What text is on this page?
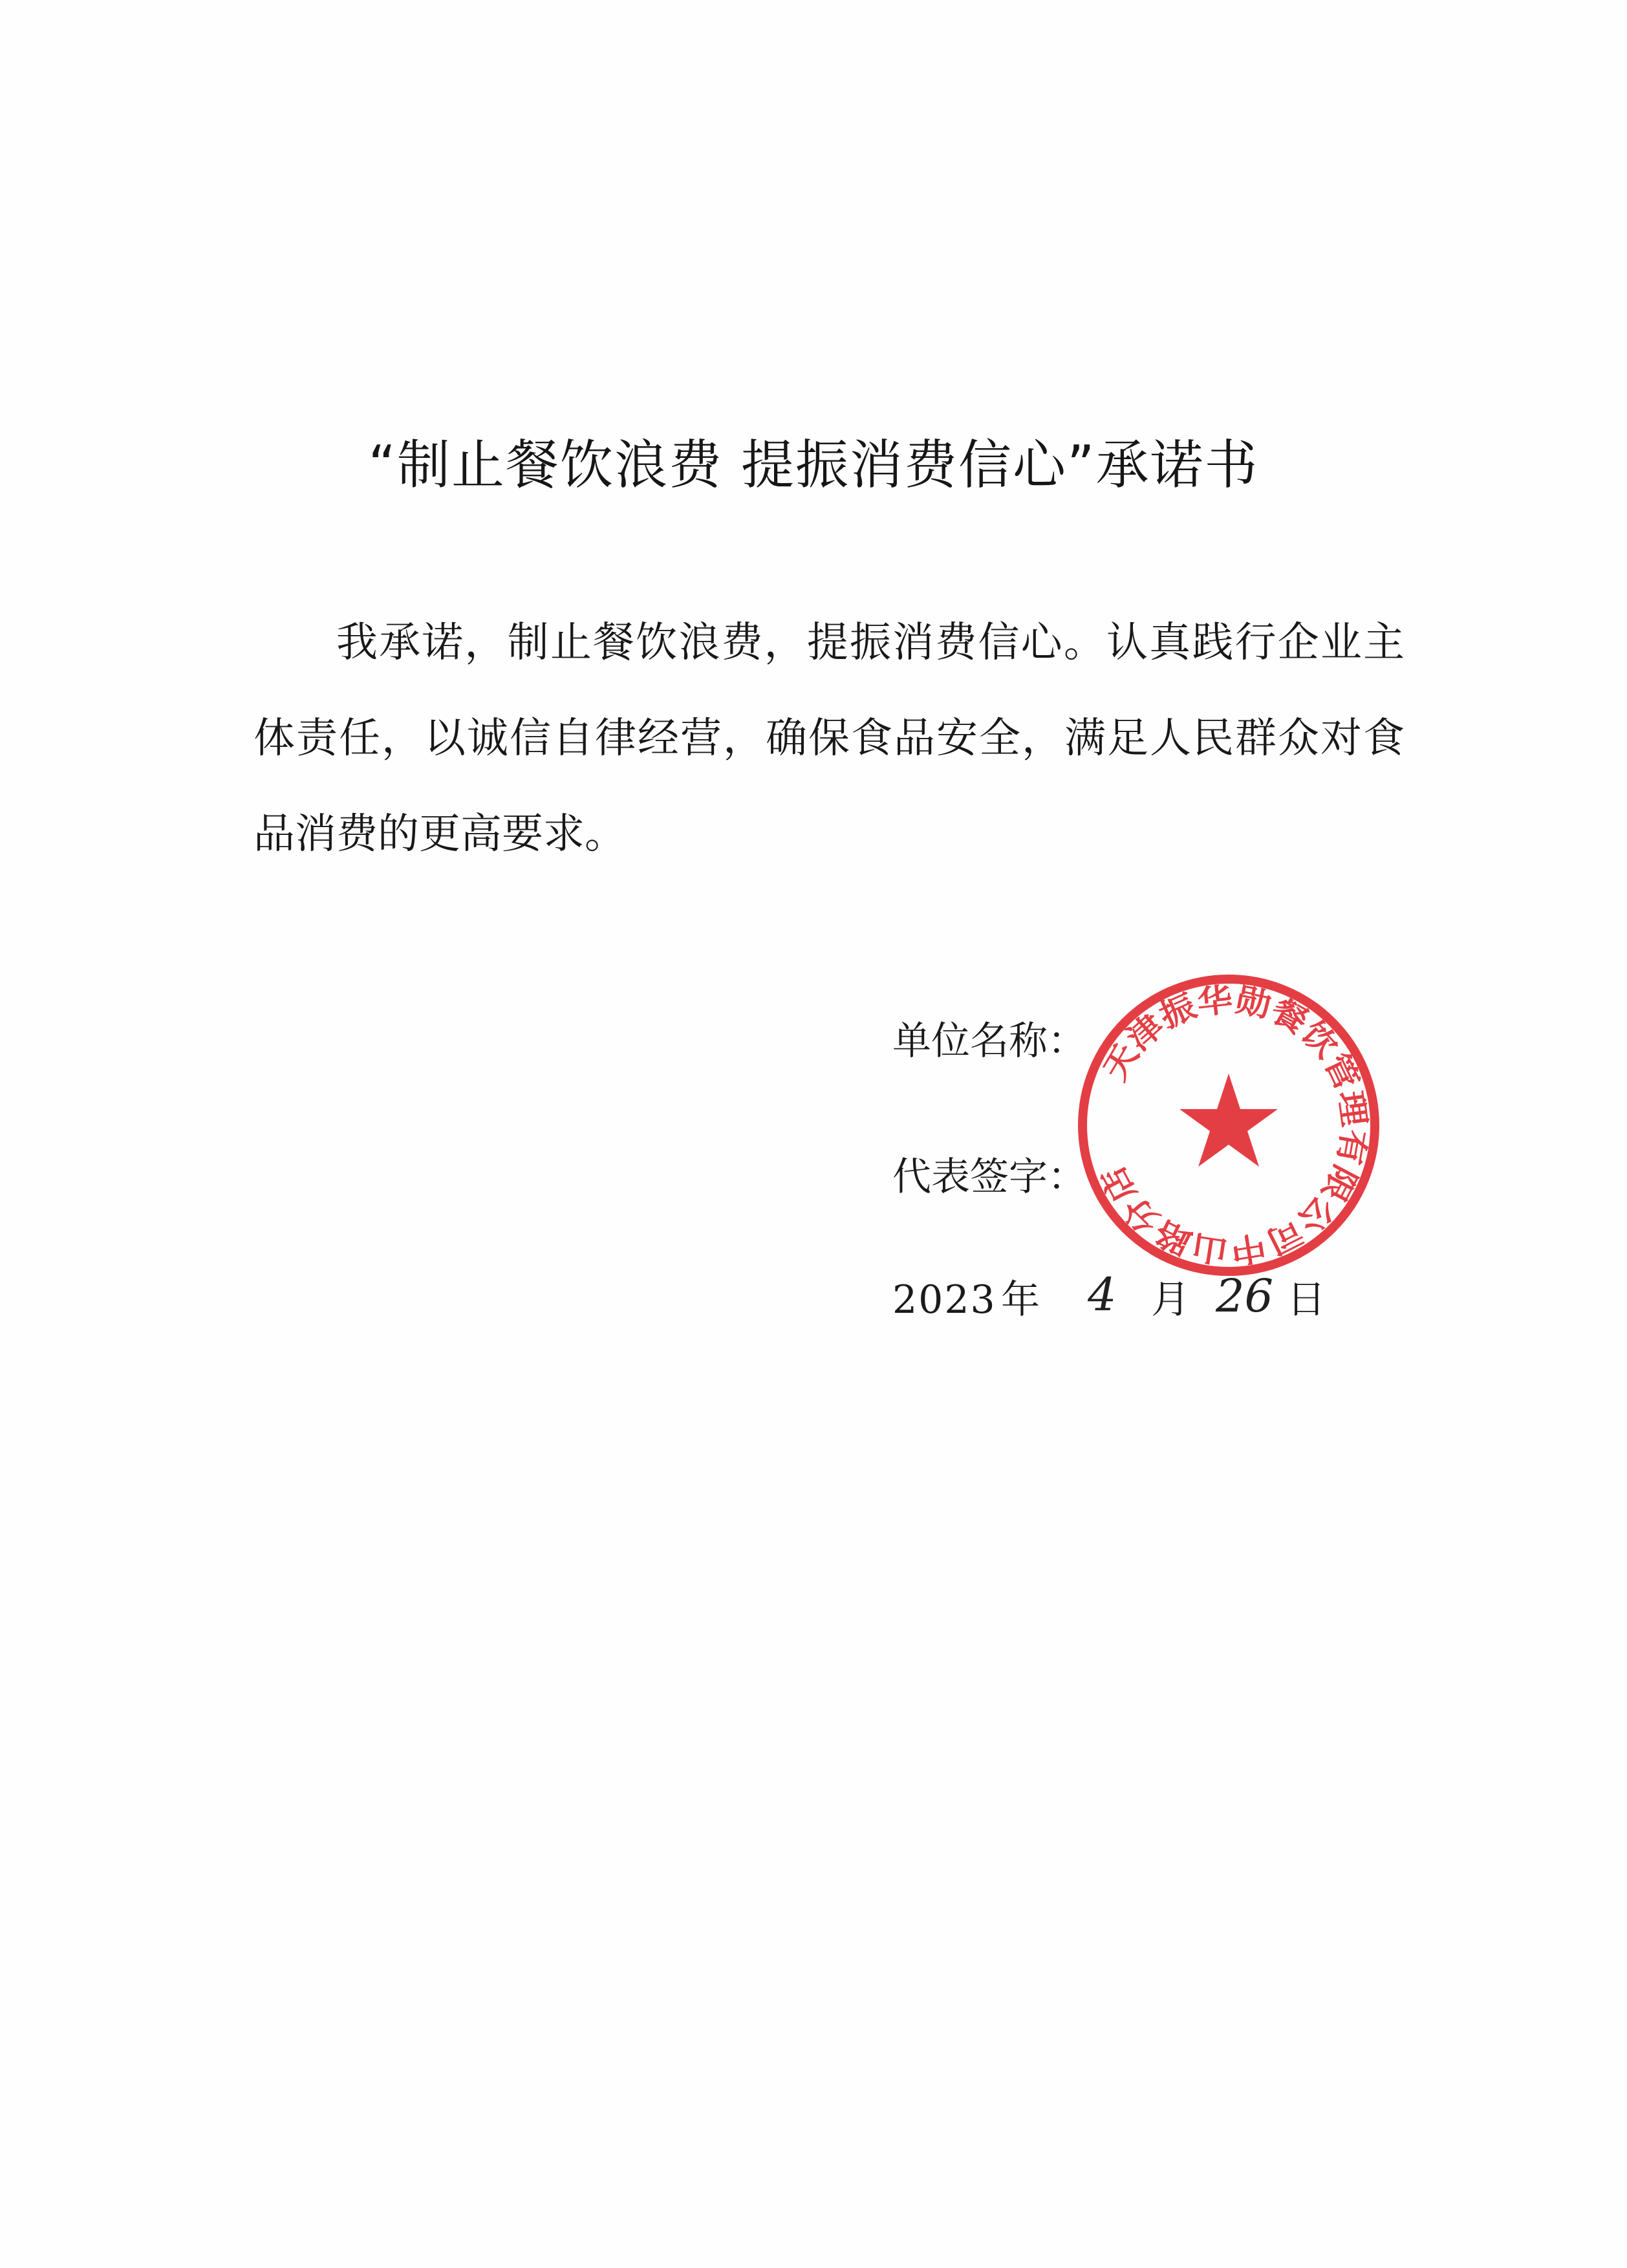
“制止餐饮浪费 提振消费信心”承诺书
我承诺，制止餐饮浪费，提振消费信心。认真践行企业主体责任，以诚信自律经营，确保食品安全，满足人民群众对食品消费的更高要求。
单位名称：
代表签字：
2023 年 4 月 26 日
天津振华勋餐饮管理有限公司中山路分店
